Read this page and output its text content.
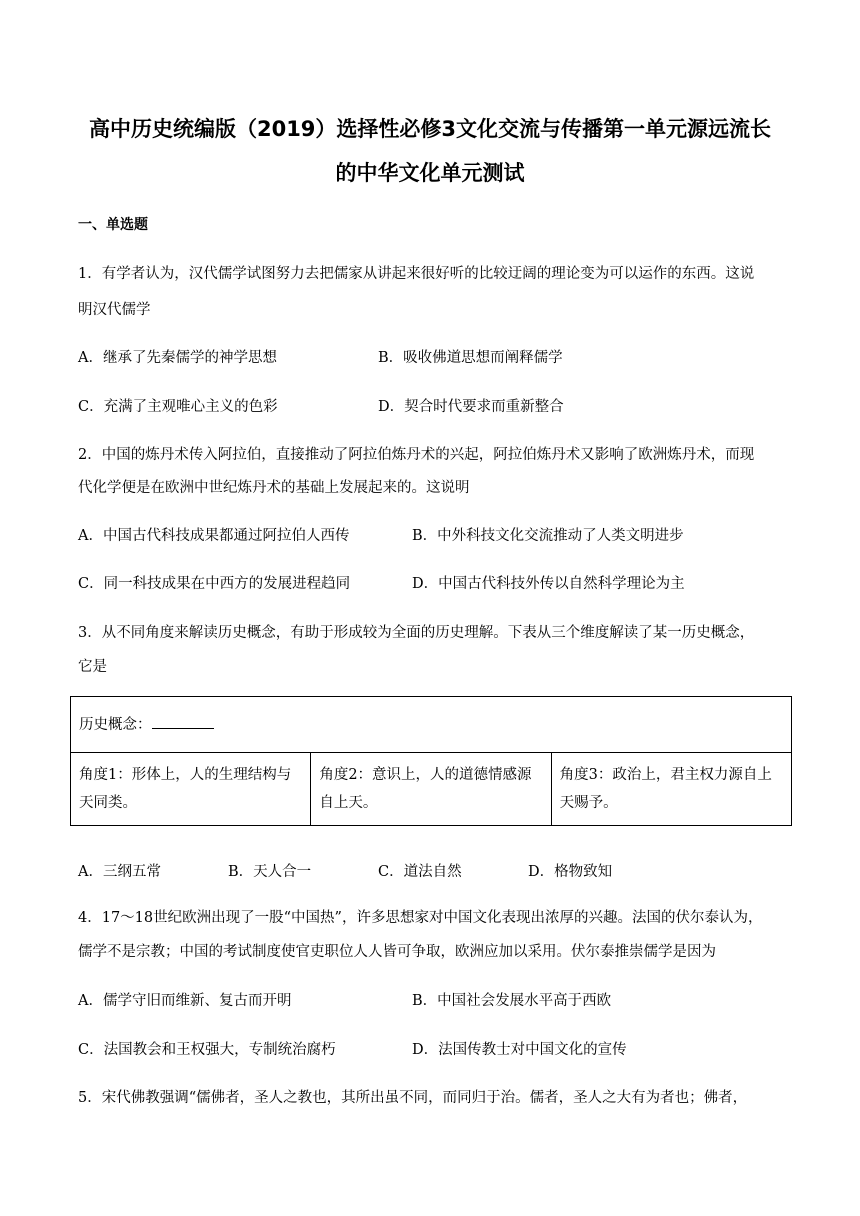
高中历史统编版（2019）选择性必修3文化交流与传播第一单元源远流长
的中华文化单元测试
一、单选题
1．有学者认为，汉代儒学试图努力去把儒家从讲起来很好听的比较迂阔的理论变为可以运作的东西。这说
明汉代儒学
A．继承了先秦儒学的神学思想	B．吸收佛道思想而阐释儒学
C．充满了主观唯心主义的色彩	D．契合时代要求而重新整合
2．中国的炼丹术传入阿拉伯，直接推动了阿拉伯炼丹术的兴起，阿拉伯炼丹术又影响了欧洲炼丹术，而现
代化学便是在欧洲中世纪炼丹术的基础上发展起来的。这说明
A．中国古代科技成果都通过阿拉伯人西传	B．中外科技文化交流推动了人类文明进步
C．同一科技成果在中西方的发展进程趋同	D．中国古代科技外传以自然科学理论为主
3．从不同角度来解读历史概念，有助于形成较为全面的历史理解。下表从三个维度解读了某一历史概念，
它是
历史概念：
角度1：形体上，人的生理结构与天同类。	角度2：意识上，人的道德情感源自上天。	角度3：政治上，君主权力源自上天赐予。
A．三纲五常	B．天人合一	C．道法自然	D．格物致知
4．17～18世纪欧洲出现了一股“中国热”，许多思想家对中国文化表现出浓厚的兴趣。法国的伏尔泰认为，
儒学不是宗教；中国的考试制度使官吏职位人人皆可争取，欧洲应加以采用。伏尔泰推崇儒学是因为
A．儒学守旧而维新、复古而开明	B．中国社会发展水平高于西欧
C．法国教会和王权强大，专制统治腐朽	D．法国传教士对中国文化的宣传
5．宋代佛教强调“儒佛者，圣人之教也，其所出虽不同，而同归于治。儒者，圣人之大有为者也；佛者，
